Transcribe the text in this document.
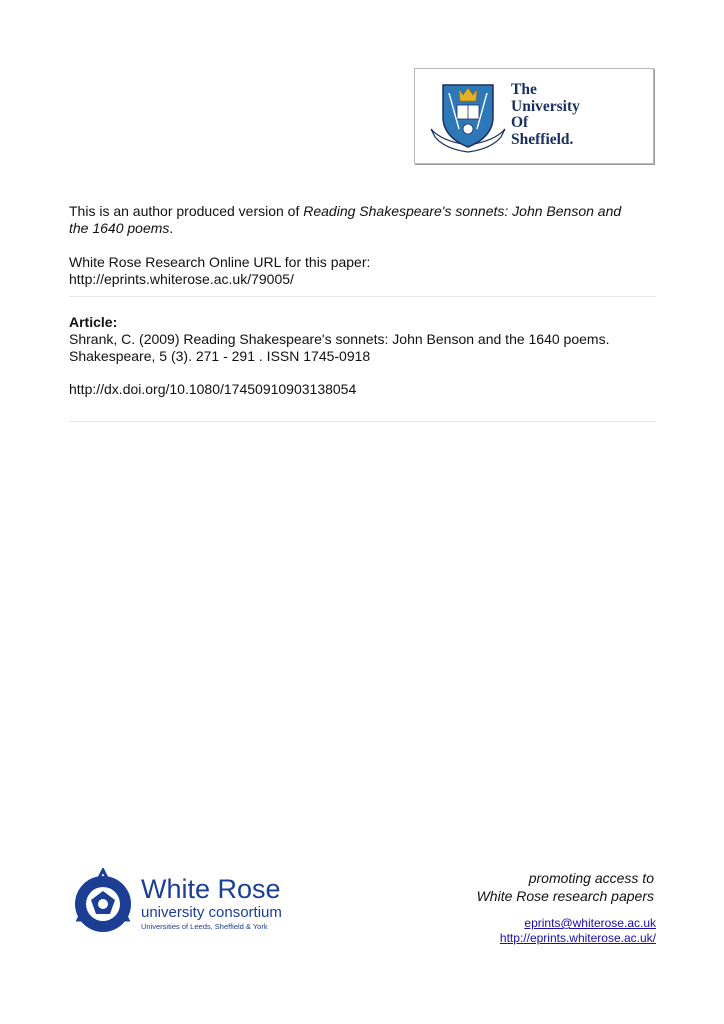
The
University
Of
Sheffield.
This is an author produced version of Reading Shakespeare's sonnets: John Benson and
the 1640 poems.
White Rose Research Online URL for this paper:
http://eprints.whiterose.ac.uk/79005/
Article:
Shrank, C. (2009) Reading Shakespeare's sonnets: John Benson and the 1640 poems.
Shakespeare, 5 (3). 271 - 291 . ISSN 1745-0918
http://dx.doi.org/10.1080/17450910903138054
White Rose
university consortium
Universities of Leeds, Sheffield & York
promoting access to
White Rose research papers
eprints@whiterose.ac.uk
http://eprints.whiterose.ac.uk/
